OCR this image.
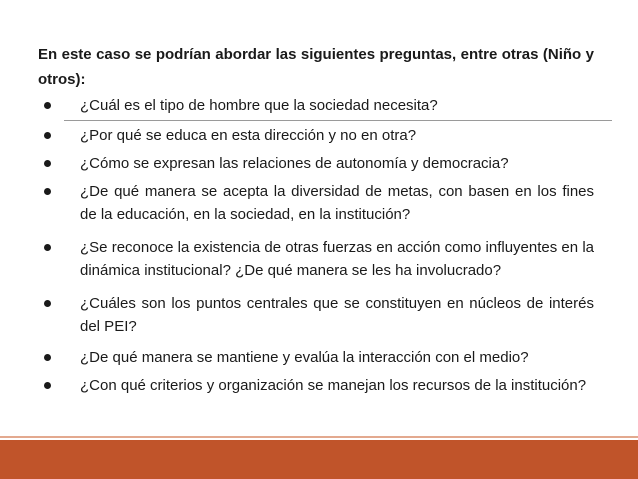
En este caso se podrían abordar las siguientes preguntas, entre otras (Niño y otros):

¿Cuál es el tipo de hombre que la sociedad necesita?
¿Por qué se educa en esta dirección y no en otra?
¿Cómo se expresan las relaciones de autonomía y democracia?
¿De qué manera se acepta la diversidad de metas, con basen en los fines de la educación, en la sociedad, en la institución?
¿Se reconoce la existencia de otras fuerzas en acción como influyentes en la dinámica institucional? ¿De qué manera se les ha involucrado?
¿Cuáles son los puntos centrales que se constituyen en núcleos de interés del PEI?
¿De qué manera se mantiene y evalúa la interacción con el medio?
¿Con qué criterios y organización se manejan los recursos de la institución?
